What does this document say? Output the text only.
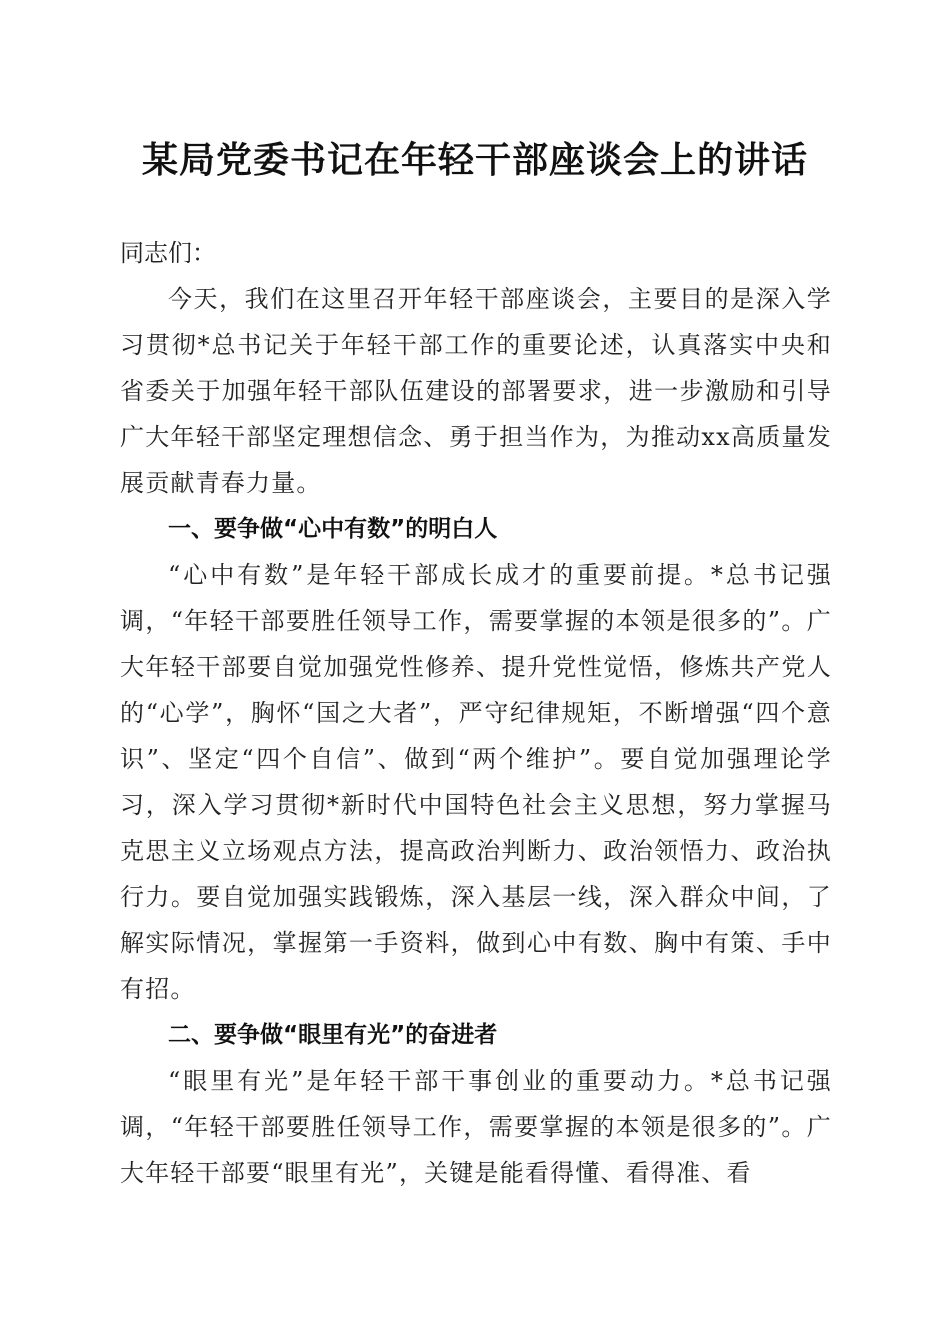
某局党委书记在年轻干部座谈会上的讲话

同志们：

今天，我们在这里召开年轻干部座谈会，主要目的是深入学习贯彻*总书记关于年轻干部工作的重要论述，认真落实中央和省委关于加强年轻干部队伍建设的部署要求，进一步激励和引导广大年轻干部坚定理想信念、勇于担当作为，为推动xx高质量发展贡献青春力量。

一、要争做“心中有数”的明白人

“心中有数”是年轻干部成长成才的重要前提。*总书记强调，“年轻干部要胜任领导工作，需要掌握的本领是很多的”。广大年轻干部要自觉加强党性修养、提升党性觉悟，修炼共产党人的“心学”，胸怀“国之大者”，严守纪律规矩，不断增强“四个意识”、坚定“四个自信”、做到“两个维护”。要自觉加强理论学习，深入学习贯彻*新时代中国特色社会主义思想，努力掌握马克思主义立场观点方法，提高政治判断力、政治领悟力、政治执行力。要自觉加强实践锻炼，深入基层一线，深入群众中间，了解实际情况，掌握第一手资料，做到心中有数、胸中有策、手中有招。

二、要争做“眼里有光”的奋进者

“眼里有光”是年轻干部干事创业的重要动力。*总书记强调，“年轻干部要胜任领导工作，需要掌握的本领是很多的”。广大年轻干部要“眼里有光”，关键是能看得懂、看得准、看
